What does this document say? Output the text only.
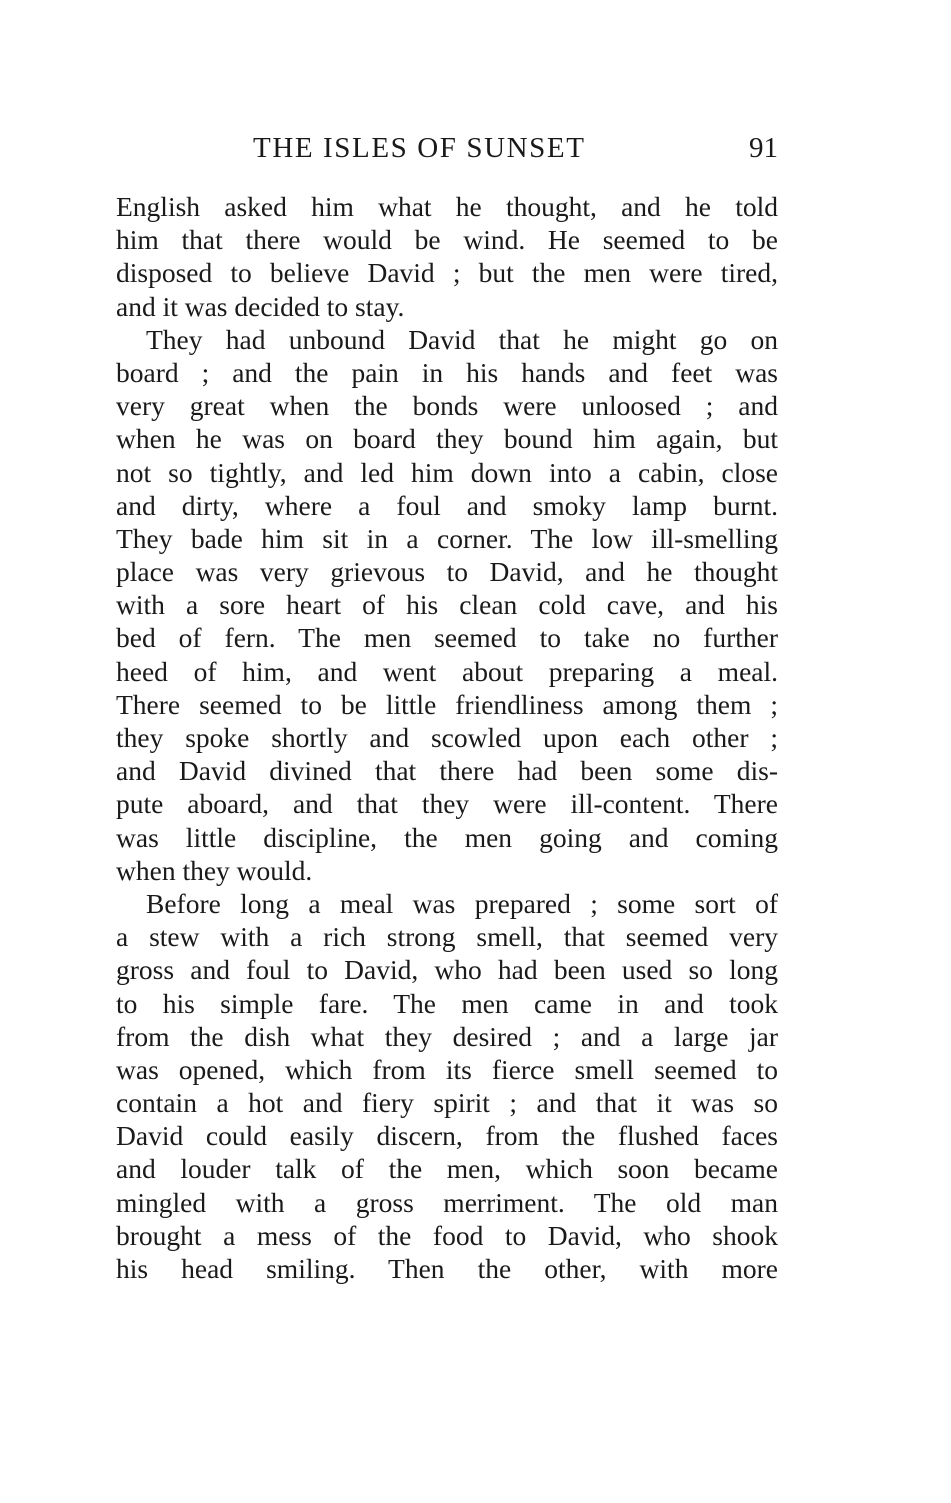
THE ISLES OF SUNSET	91
English asked him what he thought, and he told
him that there would be wind. He seemed to be
disposed to believe David ; but the men were tired,
and it was decided to stay.
They had unbound David that he might go on
board ; and the pain in his hands and feet was
very great when the bonds were unloosed ; and
when he was on board they bound him again, but
not so tightly, and led him down into a cabin, close
and dirty, where a foul and smoky lamp burnt.
They bade him sit in a corner. The low ill-smelling
place was very grievous to David, and he thought
with a sore heart of his clean cold cave, and his
bed of fern. The men seemed to take no further
heed of him, and went about preparing a meal.
There seemed to be little friendliness among them ;
they spoke shortly and scowled upon each other ;
and David divined that there had been some dis-
pute aboard, and that they were ill-content. There
was little discipline, the men going and coming
when they would.
Before long a meal was prepared ; some sort of
a stew with a rich strong smell, that seemed very
gross and foul to David, who had been used so long
to his simple fare. The men came in and took
from the dish what they desired ; and a large jar
was opened, which from its fierce smell seemed to
contain a hot and fiery spirit ; and that it was so
David could easily discern, from the flushed faces
and louder talk of the men, which soon became
mingled with a gross merriment. The old man
brought a mess of the food to David, who shook
his head smiling. Then the other, with more
